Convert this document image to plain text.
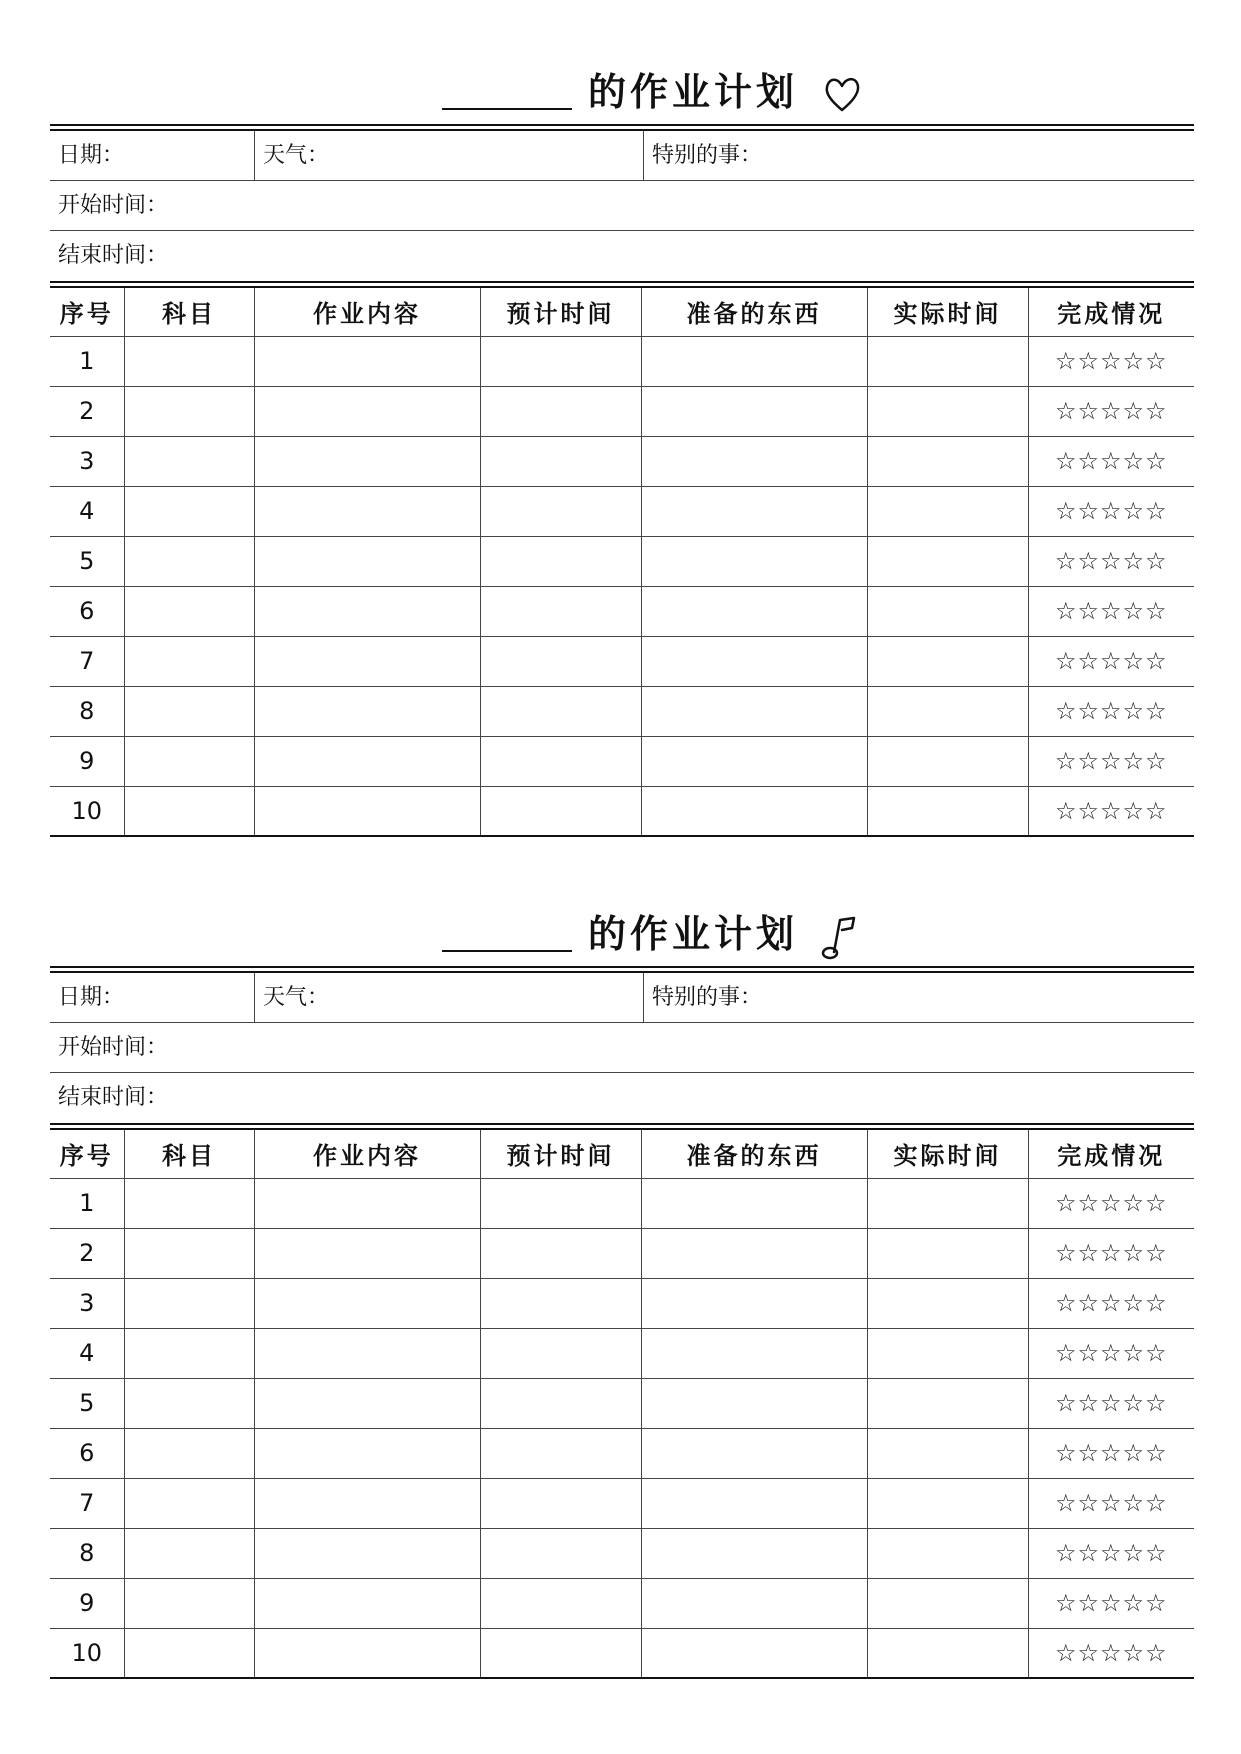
的作业计划
日期：	天气：	特别的事：
开始时间：
结束时间：
序号	科目	作业内容	预计时间	准备的东西	实际时间	完成情况
1						☆☆☆☆☆
2						☆☆☆☆☆
3						☆☆☆☆☆
4						☆☆☆☆☆
5						☆☆☆☆☆
6						☆☆☆☆☆
7						☆☆☆☆☆
8						☆☆☆☆☆
9						☆☆☆☆☆
10						☆☆☆☆☆
的作业计划
日期：	天气：	特别的事：
开始时间：
结束时间：
序号	科目	作业内容	预计时间	准备的东西	实际时间	完成情况
1						☆☆☆☆☆
2						☆☆☆☆☆
3						☆☆☆☆☆
4						☆☆☆☆☆
5						☆☆☆☆☆
6						☆☆☆☆☆
7						☆☆☆☆☆
8						☆☆☆☆☆
9						☆☆☆☆☆
10						☆☆☆☆☆
